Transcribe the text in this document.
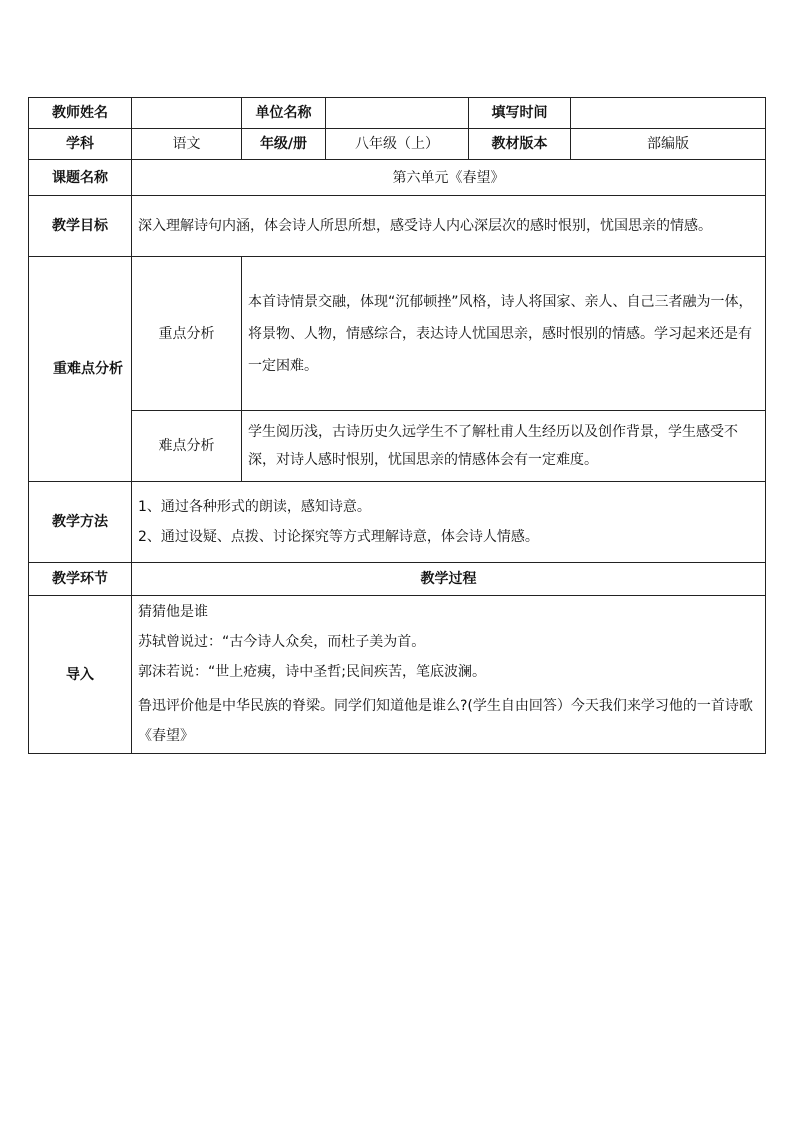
教师姓名		单位名称		填写时间	
学科	语文	年级/册	八年级（上）	教材版本	部编版
课题名称	第六单元《春望》				
教学目标	深入理解诗句内涵，体会诗人所思所想，感受诗人内心深层次的感时恨别，忧国思亲的情感。				
重难点分析	重点分析	本首诗情景交融，体现“沉郁顿挫”风格，诗人将国家、亲人、自己三者融为一体，将景物、人物，情感综合，表达诗人忧国思亲，感时恨别的情感。学习起来还是有一定困难。			
	难点分析	学生阅历浅，古诗历史久远学生不了解杜甫人生经历以及创作背景，学生感受不深，对诗人感时恨别，忧国思亲的情感体会有一定难度。			
教学方法	1、通过各种形式的朗读，感知诗意。
2、通过设疑、点拨、讨论探究等方式理解诗意，体会诗人情感。				

教学环节	教学过程				
导入	猜猜他是谁
苏轼曾说过：“古今诗人众矣，而杜子美为首。
郭沫若说：“世上疮痍，诗中圣哲;民间疾苦，笔底波澜。
鲁迅评价他是中华民族的脊梁。同学们知道他是谁么?(学生自由回答）今天我们来学习他的一首诗歌《春望》				
